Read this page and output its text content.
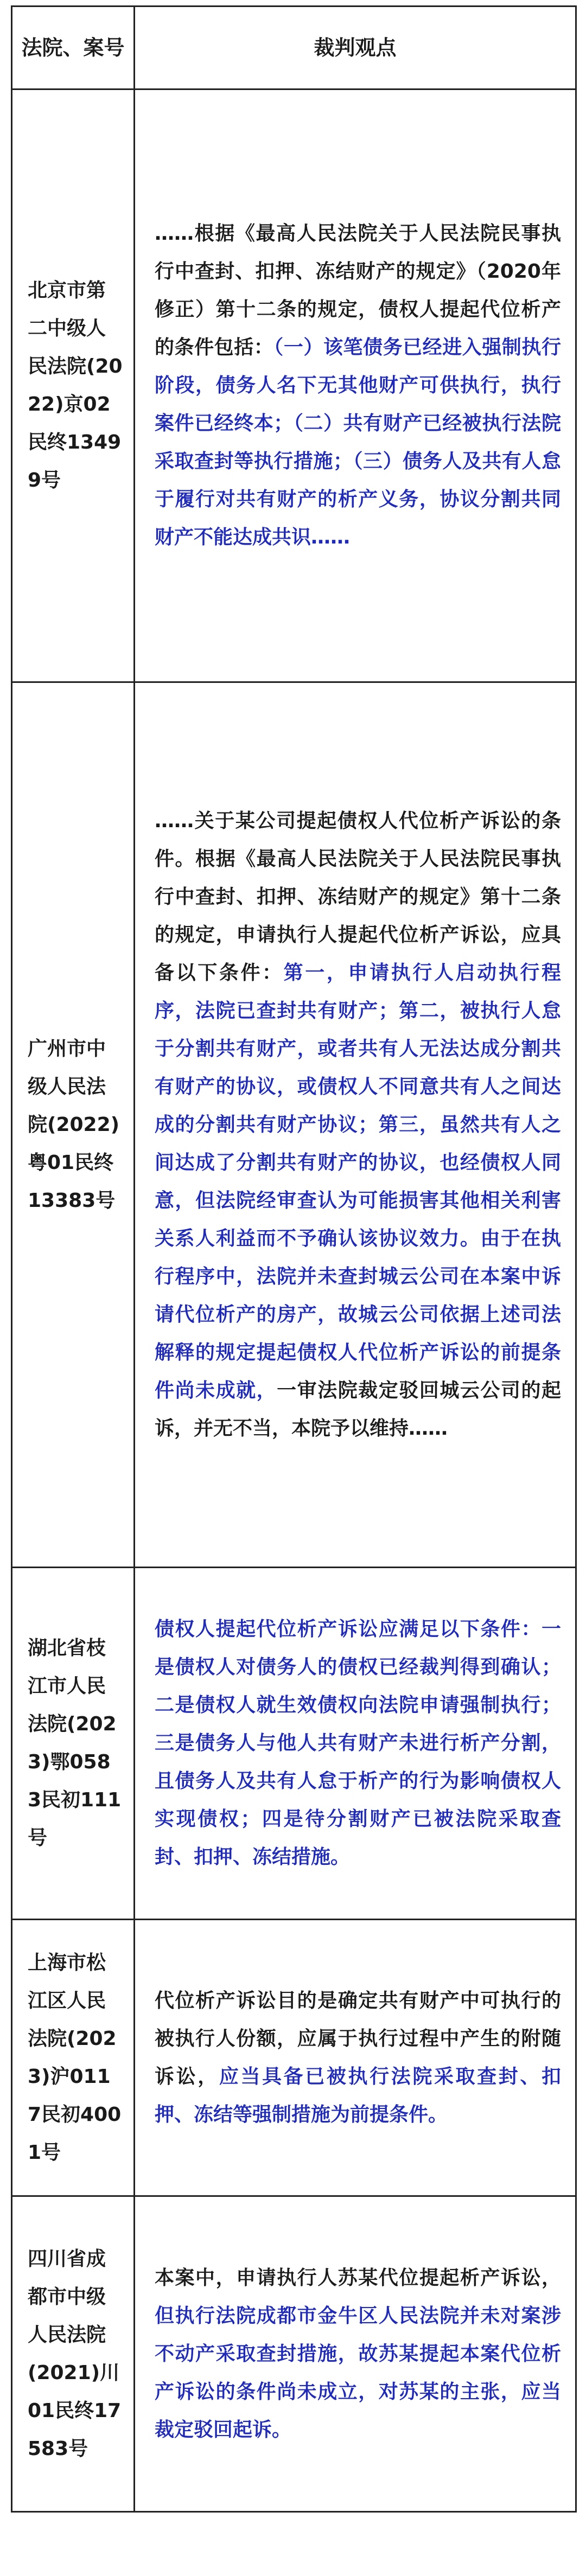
法院、案号	裁判观点
北京市第二中级人民法院(2022)京02民终13499号	……根据《最高人民法院关于人民法院民事执行中查封、扣押、冻结财产的规定》（2020年修正）第十二条的规定，债权人提起代位析产的条件包括：（一）该笔债务已经进入强制执行阶段，债务人名下无其他财产可供执行，执行案件已经终本；（二）共有财产已经被执行法院采取查封等执行措施；（三）债务人及共有人怠于履行对共有财产的析产义务，协议分割共同财产不能达成共识……
广州市中级人民法院(2022)粤01民终13383号	……关于某公司提起债权人代位析产诉讼的条件。根据《最高人民法院关于人民法院民事执行中查封、扣押、冻结财产的规定》第十二条的规定，申请执行人提起代位析产诉讼，应具备以下条件：第一，申请执行人启动执行程序，法院已查封共有财产；第二，被执行人怠于分割共有财产，或者共有人无法达成分割共有财产的协议，或债权人不同意共有人之间达成的分割共有财产协议；第三，虽然共有人之间达成了分割共有财产的协议，也经债权人同意，但法院经审查认为可能损害其他相关利害关系人利益而不予确认该协议效力。由于在执行程序中，法院并未查封城云公司在本案中诉请代位析产的房产，故城云公司依据上述司法解释的规定提起债权人代位析产诉讼的前提条件尚未成就，一审法院裁定驳回城云公司的起诉，并无不当，本院予以维持……
湖北省枝江市人民法院(2023)鄂0583民初111号	债权人提起代位析产诉讼应满足以下条件：一是债权人对债务人的债权已经裁判得到确认；二是债权人就生效债权向法院申请强制执行；三是债务人与他人共有财产未进行析产分割，且债务人及共有人怠于析产的行为影响债权人实现债权；四是待分割财产已被法院采取查封、扣押、冻结措施。
上海市松江区人民法院(2023)沪0117民初4001号	代位析产诉讼目的是确定共有财产中可执行的被执行人份额，应属于执行过程中产生的附随诉讼，应当具备已被执行法院采取查封、扣押、冻结等强制措施为前提条件。
四川省成都市中级人民法院(2021)川01民终17583号	本案中，申请执行人苏某代位提起析产诉讼，但执行法院成都市金牛区人民法院并未对案涉不动产采取查封措施，故苏某提起本案代位析产诉讼的条件尚未成立，对苏某的主张，应当裁定驳回起诉。
